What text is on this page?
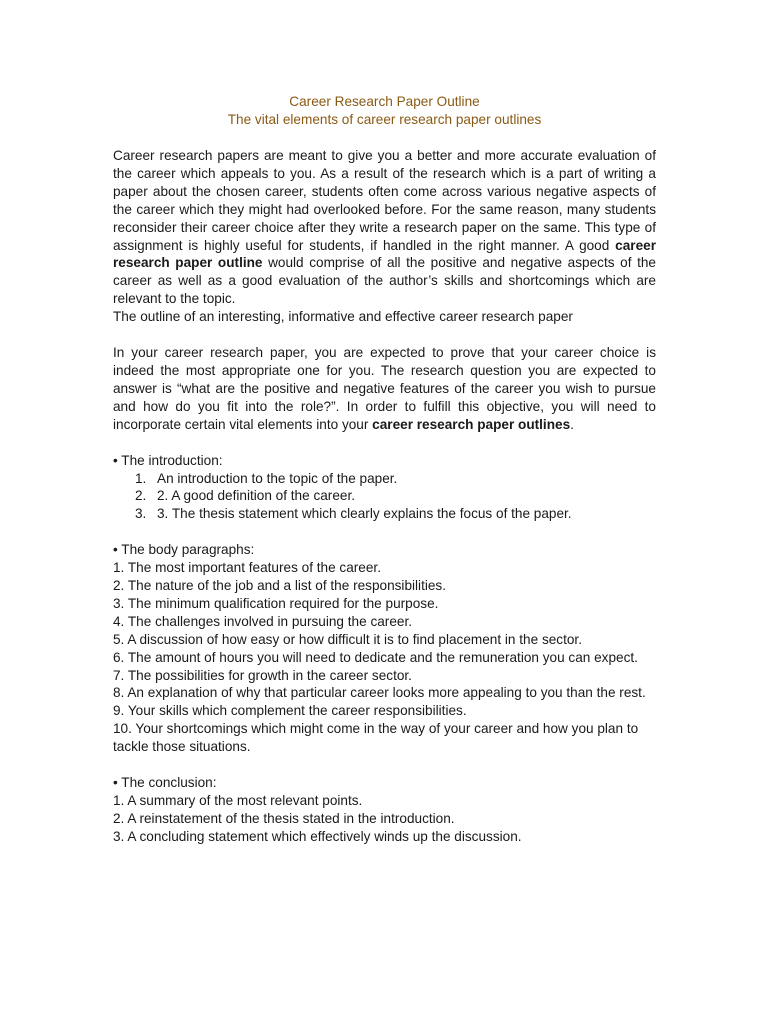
Career Research Paper Outline
The vital elements of career research paper outlines

Career research papers are meant to give you a better and more accurate evaluation of the career which appeals to you. As a result of the research which is a part of writing a paper about the chosen career, students often come across various negative aspects of the career which they might had overlooked before. For the same reason, many students reconsider their career choice after they write a research paper on the same. This type of assignment is highly useful for students, if handled in the right manner. A good career research paper outline would comprise of all the positive and negative aspects of the career as well as a good evaluation of the author’s skills and shortcomings which are relevant to the topic.

The outline of an interesting, informative and effective career research paper

In your career research paper, you are expected to prove that your career choice is indeed the most appropriate one for you. The research question you are expected to answer is “what are the positive and negative features of the career you wish to pursue and how do you fit into the role?”. In order to fulfill this objective, you will need to incorporate certain vital elements into your career research paper outlines.

• The introduction:

1. An introduction to the topic of the paper.
2. 2. A good definition of the career.
3. 3. The thesis statement which clearly explains the focus of the paper.

• The body paragraphs:

1. The most important features of the career.
2. The nature of the job and a list of the responsibilities.
3. The minimum qualification required for the purpose.
4. The challenges involved in pursuing the career.
5. A discussion of how easy or how difficult it is to find placement in the sector.
6. The amount of hours you will need to dedicate and the remuneration you can expect.
7. The possibilities for growth in the career sector.
8. An explanation of why that particular career looks more appealing to you than the rest.
9. Your skills which complement the career responsibilities.
10. Your shortcomings which might come in the way of your career and how you plan to tackle those situations.

• The conclusion:

1. A summary of the most relevant points.
2. A reinstatement of the thesis stated in the introduction.
3. A concluding statement which effectively winds up the discussion.
